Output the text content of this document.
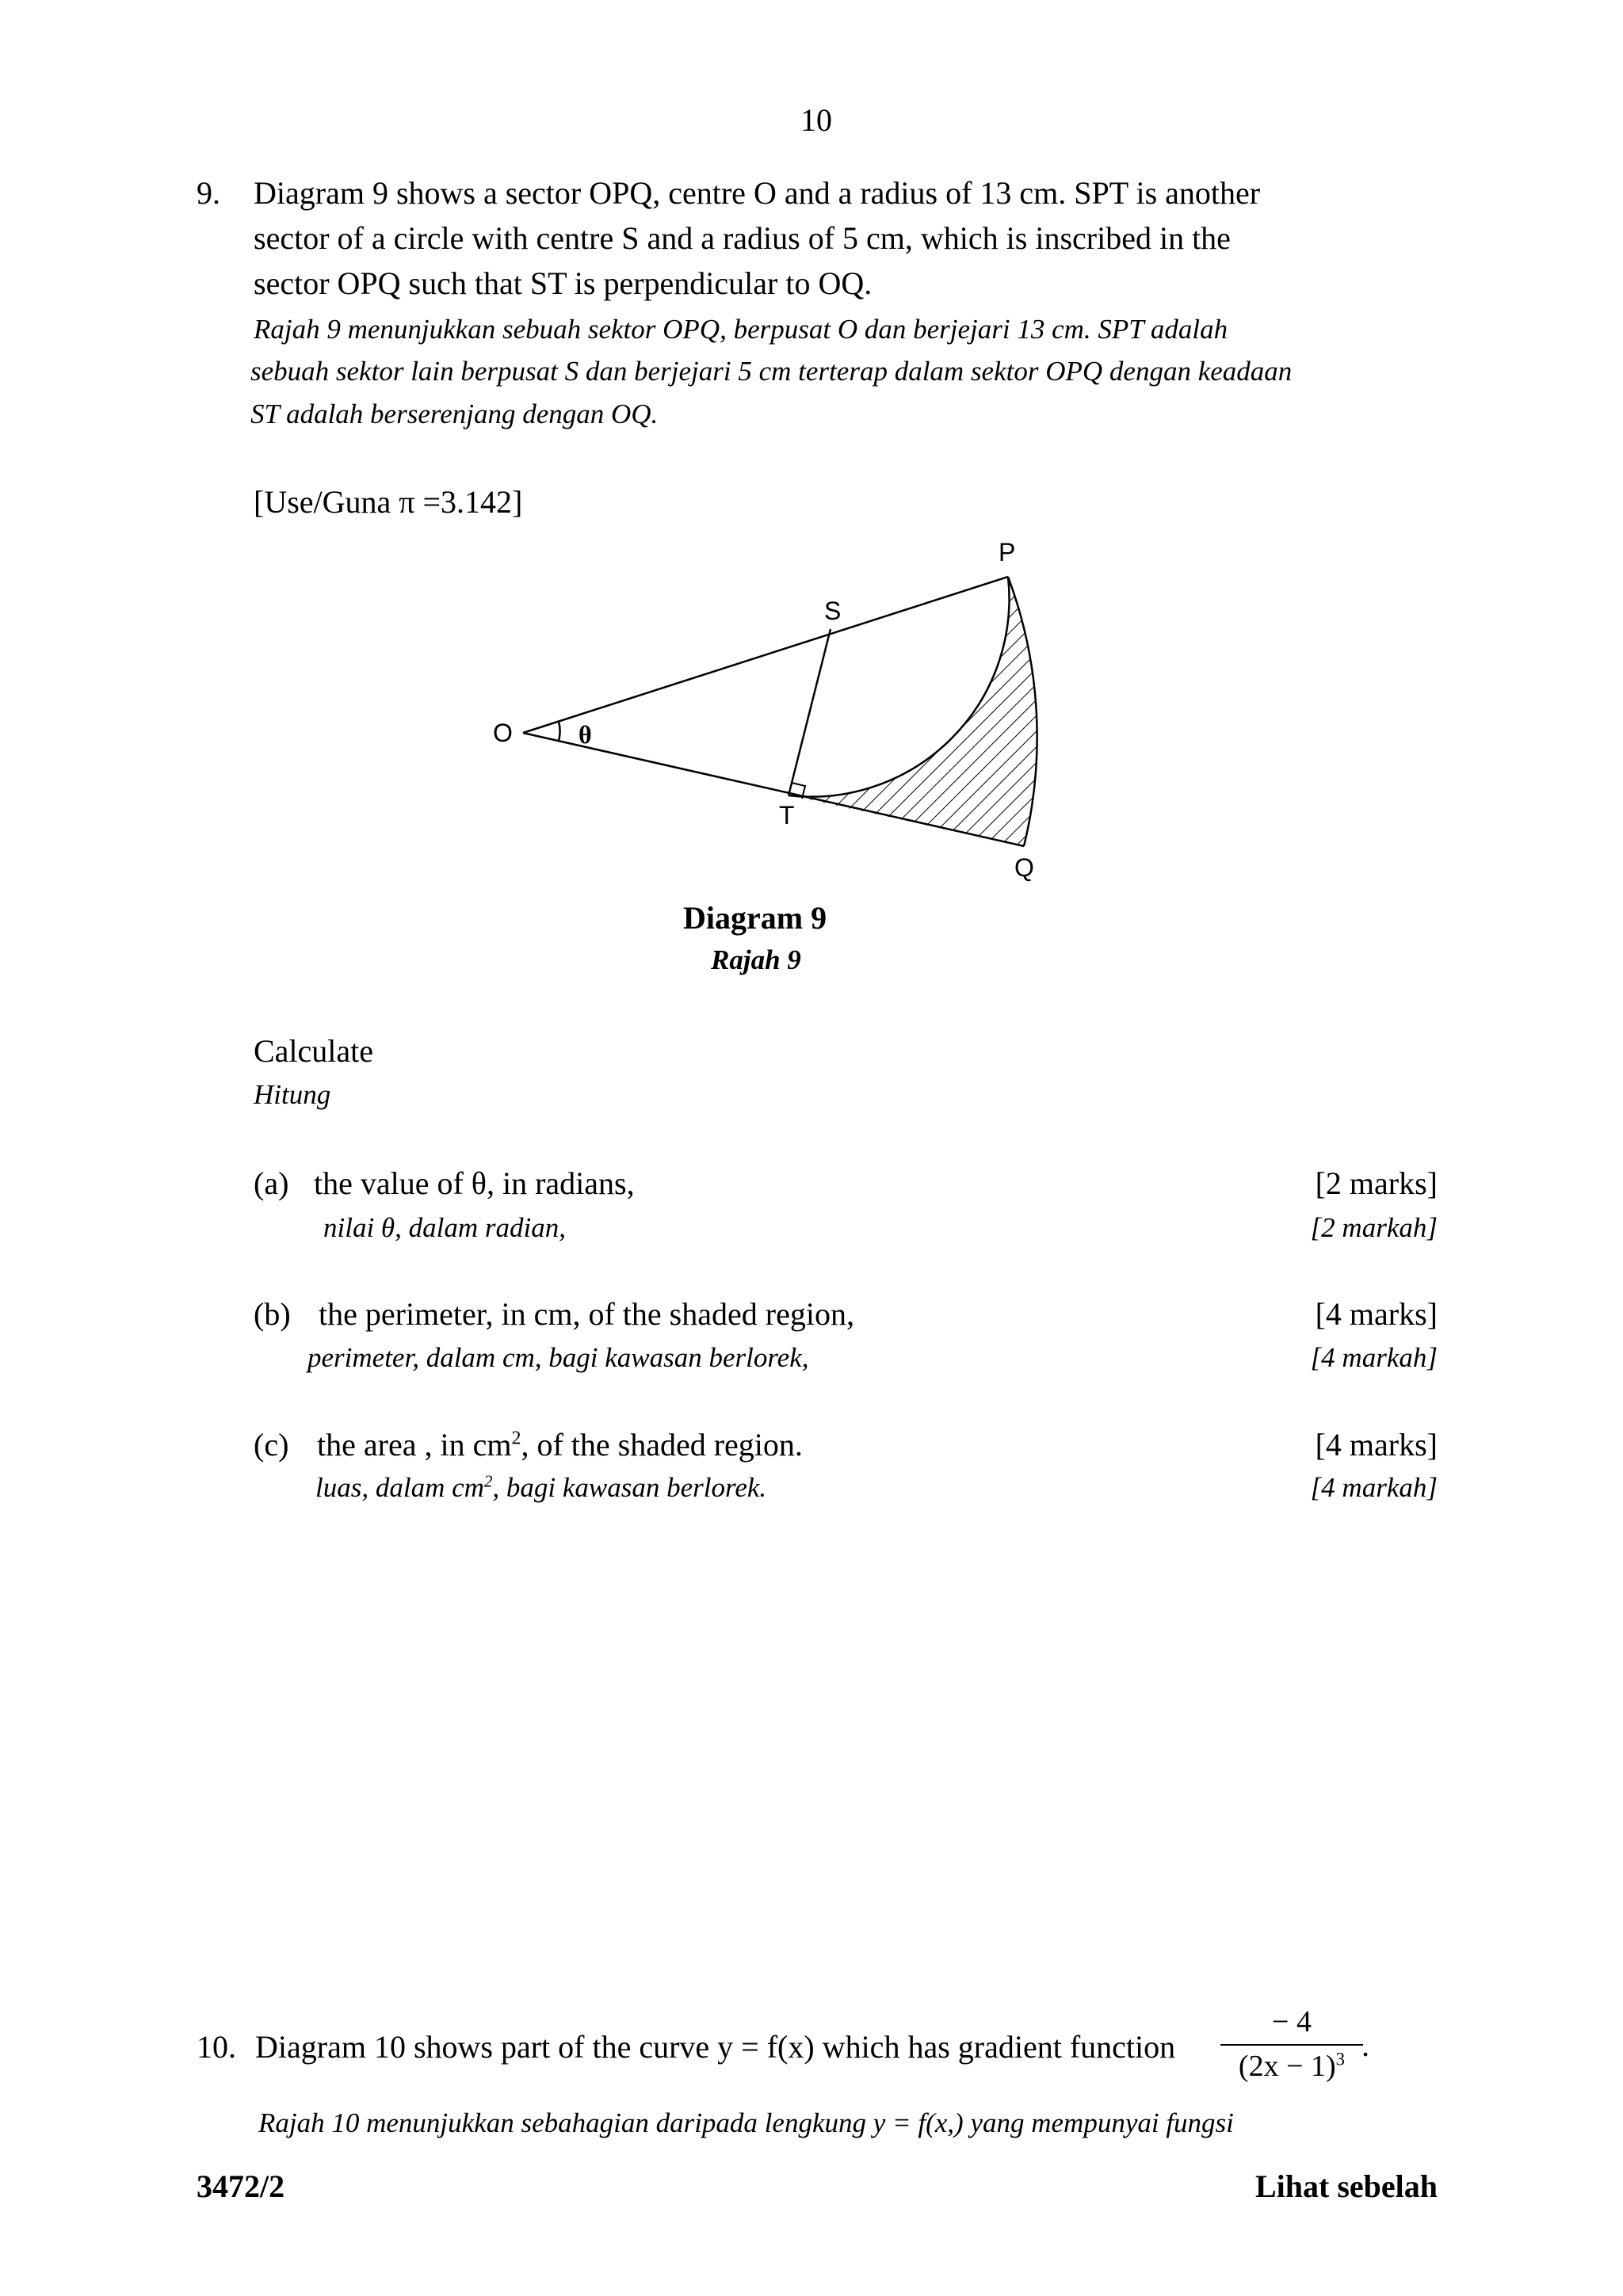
10
9. Diagram 9 shows a sector OPQ, centre O and a radius of 13 cm. SPT is another
sector of a circle with centre S and a radius of 5 cm, which is inscribed in the
sector OPQ such that ST is perpendicular to OQ.
Rajah 9 menunjukkan sebuah sektor OPQ, berpusat O dan berjejari 13 cm. SPT adalah
sebuah sektor lain berpusat S dan berjejari 5 cm terterap dalam sektor OPQ dengan keadaan
ST adalah berserenjang dengan OQ.
[Use/Guna π =3.142]
O
P
S
T
Q
θ
Diagram 9
Rajah 9
Calculate
Hitung
(a) the value of θ, in radians,
nilai θ, dalam radian,
[2 marks]
[2 markah]
(b) the perimeter, in cm, of the shaded region,
perimeter, dalam cm, bagi kawasan berlorek,
[4 marks]
[4 markah]
(c) the area , in $cm^2$, of the shaded region.
luas, dalam $cm^2$, bagi kawasan berlorek.
[4 marks]
[4 markah]
10. Diagram 10 shows part of the curve y = f(x) which has gradient function
− 4
$(2x - 1)^3$ .
Rajah 10 menunjukkan sebahagian daripada lengkung y = f(x,) yang mempunyai fungsi
3472/2	Lihat sebelah
